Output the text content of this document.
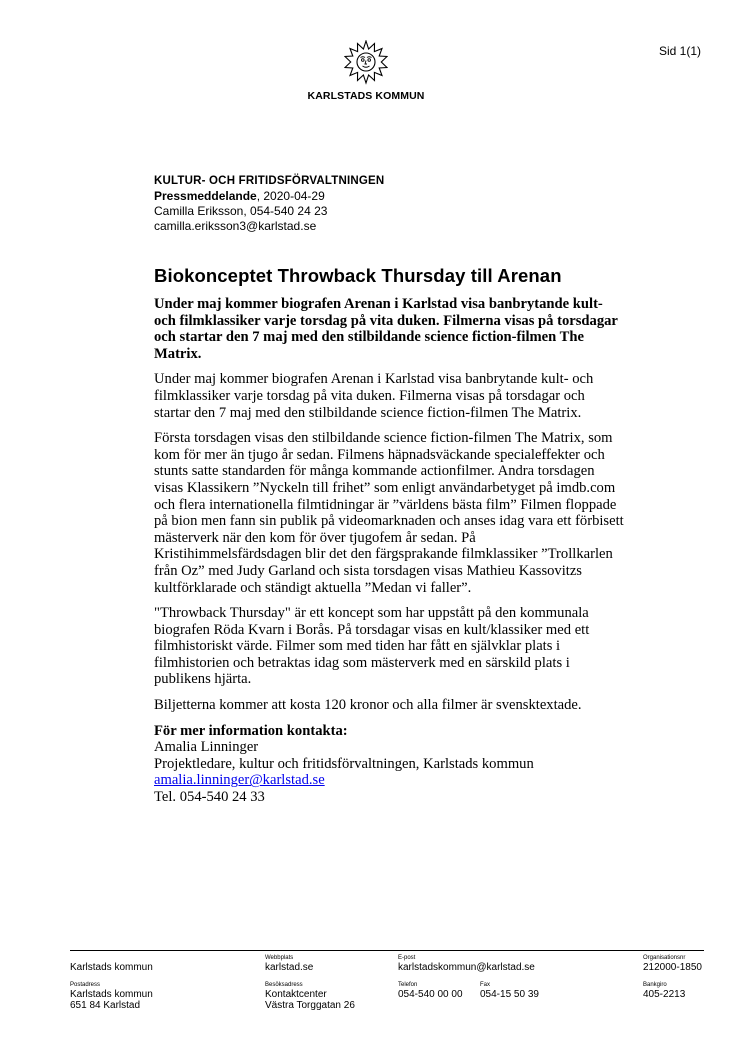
Sid 1(1)
KARLSTADS KOMMUN
KULTUR- OCH FRITIDSFÖRVALTNINGEN
Pressmeddelande, 2020-04-29
Camilla Eriksson, 054-540 24 23
camilla.eriksson3@karlstad.se
Biokonceptet Throwback Thursday till Arenan

Under maj kommer biografen Arenan i Karlstad visa banbrytande kult- och filmklassiker varje torsdag på vita duken. Filmerna visas på torsdagar och startar den 7 maj med den stilbildande science fiction-filmen The Matrix.

Under maj kommer biografen Arenan i Karlstad visa banbrytande kult- och filmklassiker varje torsdag på vita duken. Filmerna visas på torsdagar och startar den 7 maj med den stilbildande science fiction-filmen The Matrix.

Första torsdagen visas den stilbildande science fiction-filmen The Matrix, som kom för mer än tjugo år sedan. Filmens häpnadsväckande specialeffekter och stunts satte standarden för många kommande actionfilmer. Andra torsdagen visas Klassikern ”Nyckeln till frihet” som enligt användarbetyget på imdb.com och flera internationella filmtidningar är ”världens bästa film” Filmen floppade på bion men fann sin publik på videomarknaden och anses idag vara ett förbisett mästerverk när den kom för över tjugofem år sedan. På Kristihimmelsfärdsdagen blir det den färgsprakande filmklassiker ”Trollkarlen från Oz” med Judy Garland och sista torsdagen visas Mathieu Kassovitzs kultförklarade och ständigt aktuella ”Medan vi faller”.

"Throwback Thursday" är ett koncept som har uppstått på den kommunala biografen Röda Kvarn i Borås. På torsdagar visas en kult/klassiker med ett filmhistoriskt värde. Filmer som med tiden har fått en självklar plats i filmhistorien och betraktas idag som mästerverk med en särskild plats i publikens hjärta.

Biljetterna kommer att kosta 120 kronor och alla filmer är svensktextade.

För mer information kontakta:
Amalia Linninger
Projektledare, kultur och fritidsförvaltningen, Karlstads kommun
amalia.linninger@karlstad.se
Tel. 054-540 24 33
Karlstads kommun
Webbplats
karlstad.se
E-post
karlstadskommun@karlstad.se
Organisationsnr
212000-1850
Postadress
Karlstads kommun
651 84 Karlstad
Besöksadress
Kontaktcenter
Västra Torggatan 26
Telefon
054-540 00 00
Fax
054-15 50 39
Bankgiro
405-2213
